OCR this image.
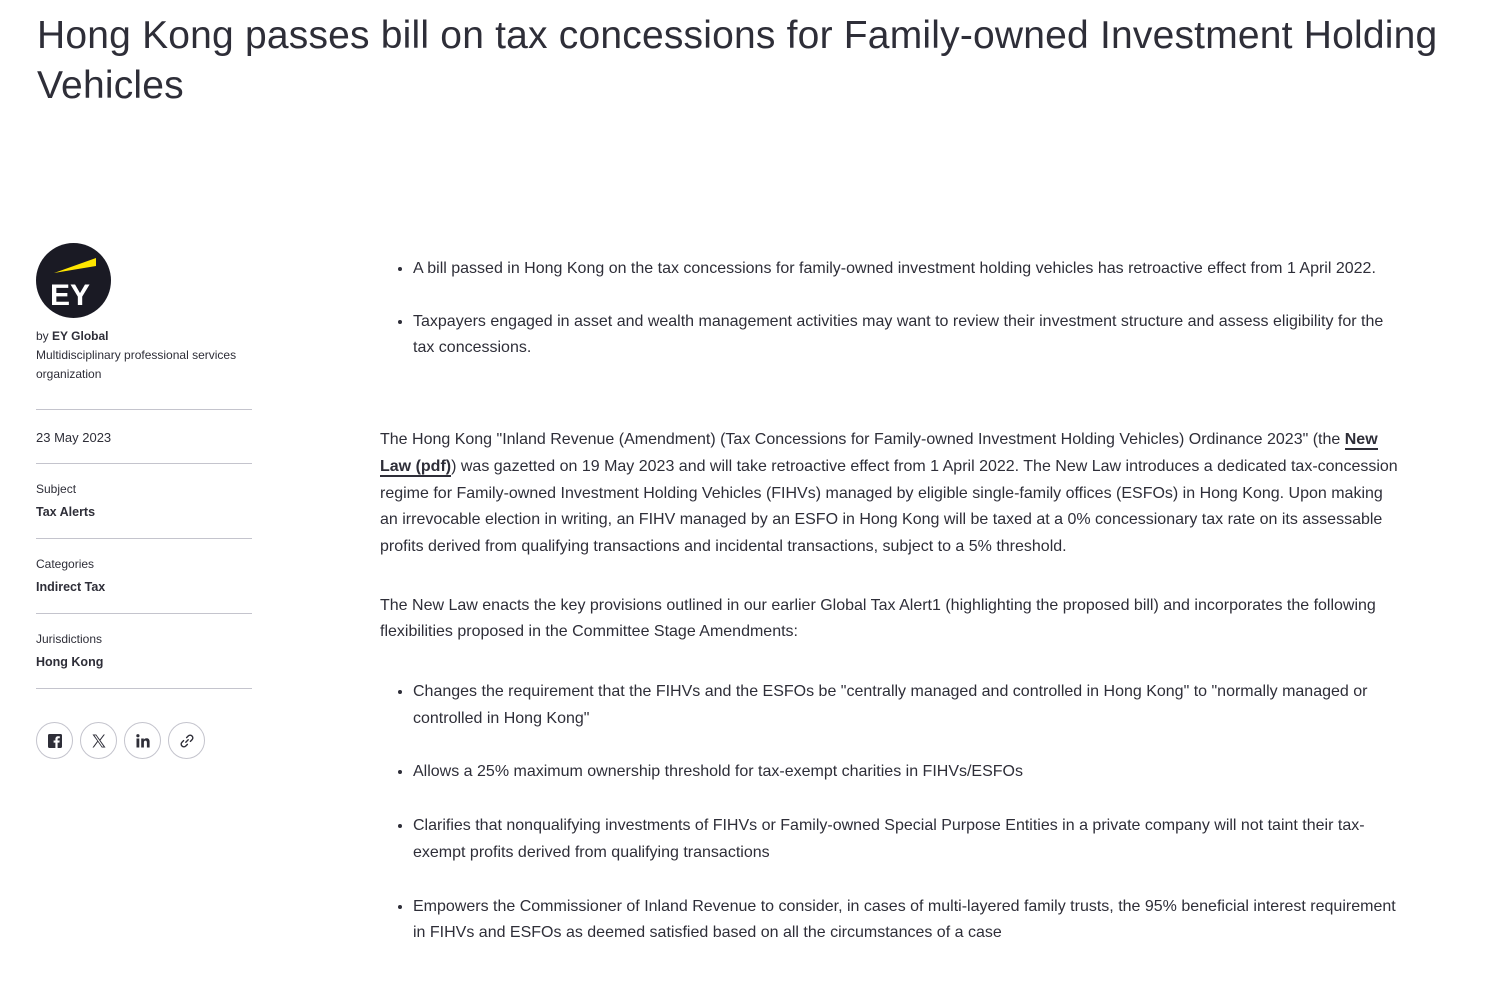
Hong Kong passes bill on tax concessions for Family-owned Investment Holding Vehicles
EY
by EY Global
Multidisciplinary professional services organization
23 May 2023
Subject
Tax Alerts
Categories
Indirect Tax
Jurisdictions
Hong Kong
• A bill passed in Hong Kong on the tax concessions for family-owned investment holding vehicles has retroactive effect from 1 April 2022.
• Taxpayers engaged in asset and wealth management activities may want to review their investment structure and assess eligibility for the tax concessions.

The Hong Kong "Inland Revenue (Amendment) (Tax Concessions for Family-owned Investment Holding Vehicles) Ordinance 2023" (the New Law (pdf)) was gazetted on 19 May 2023 and will take retroactive effect from 1 April 2022. The New Law introduces a dedicated tax-concession regime for Family-owned Investment Holding Vehicles (FIHVs) managed by eligible single-family offices (ESFOs) in Hong Kong. Upon making an irrevocable election in writing, an FIHV managed by an ESFO in Hong Kong will be taxed at a 0% concessionary tax rate on its assessable profits derived from qualifying transactions and incidental transactions, subject to a 5% threshold.

The New Law enacts the key provisions outlined in our earlier Global Tax Alert1 (highlighting the proposed bill) and incorporates the following flexibilities proposed in the Committee Stage Amendments:

• Changes the requirement that the FIHVs and the ESFOs be "centrally managed and controlled in Hong Kong" to "normally managed or controlled in Hong Kong"
• Allows a 25% maximum ownership threshold for tax-exempt charities in FIHVs/ESFOs
• Clarifies that nonqualifying investments of FIHVs or Family-owned Special Purpose Entities in a private company will not taint their tax-exempt profits derived from qualifying transactions
• Empowers the Commissioner of Inland Revenue to consider, in cases of multi-layered family trusts, the 95% beneficial interest requirement in FIHVs and ESFOs as deemed satisfied based on all the circumstances of a case
